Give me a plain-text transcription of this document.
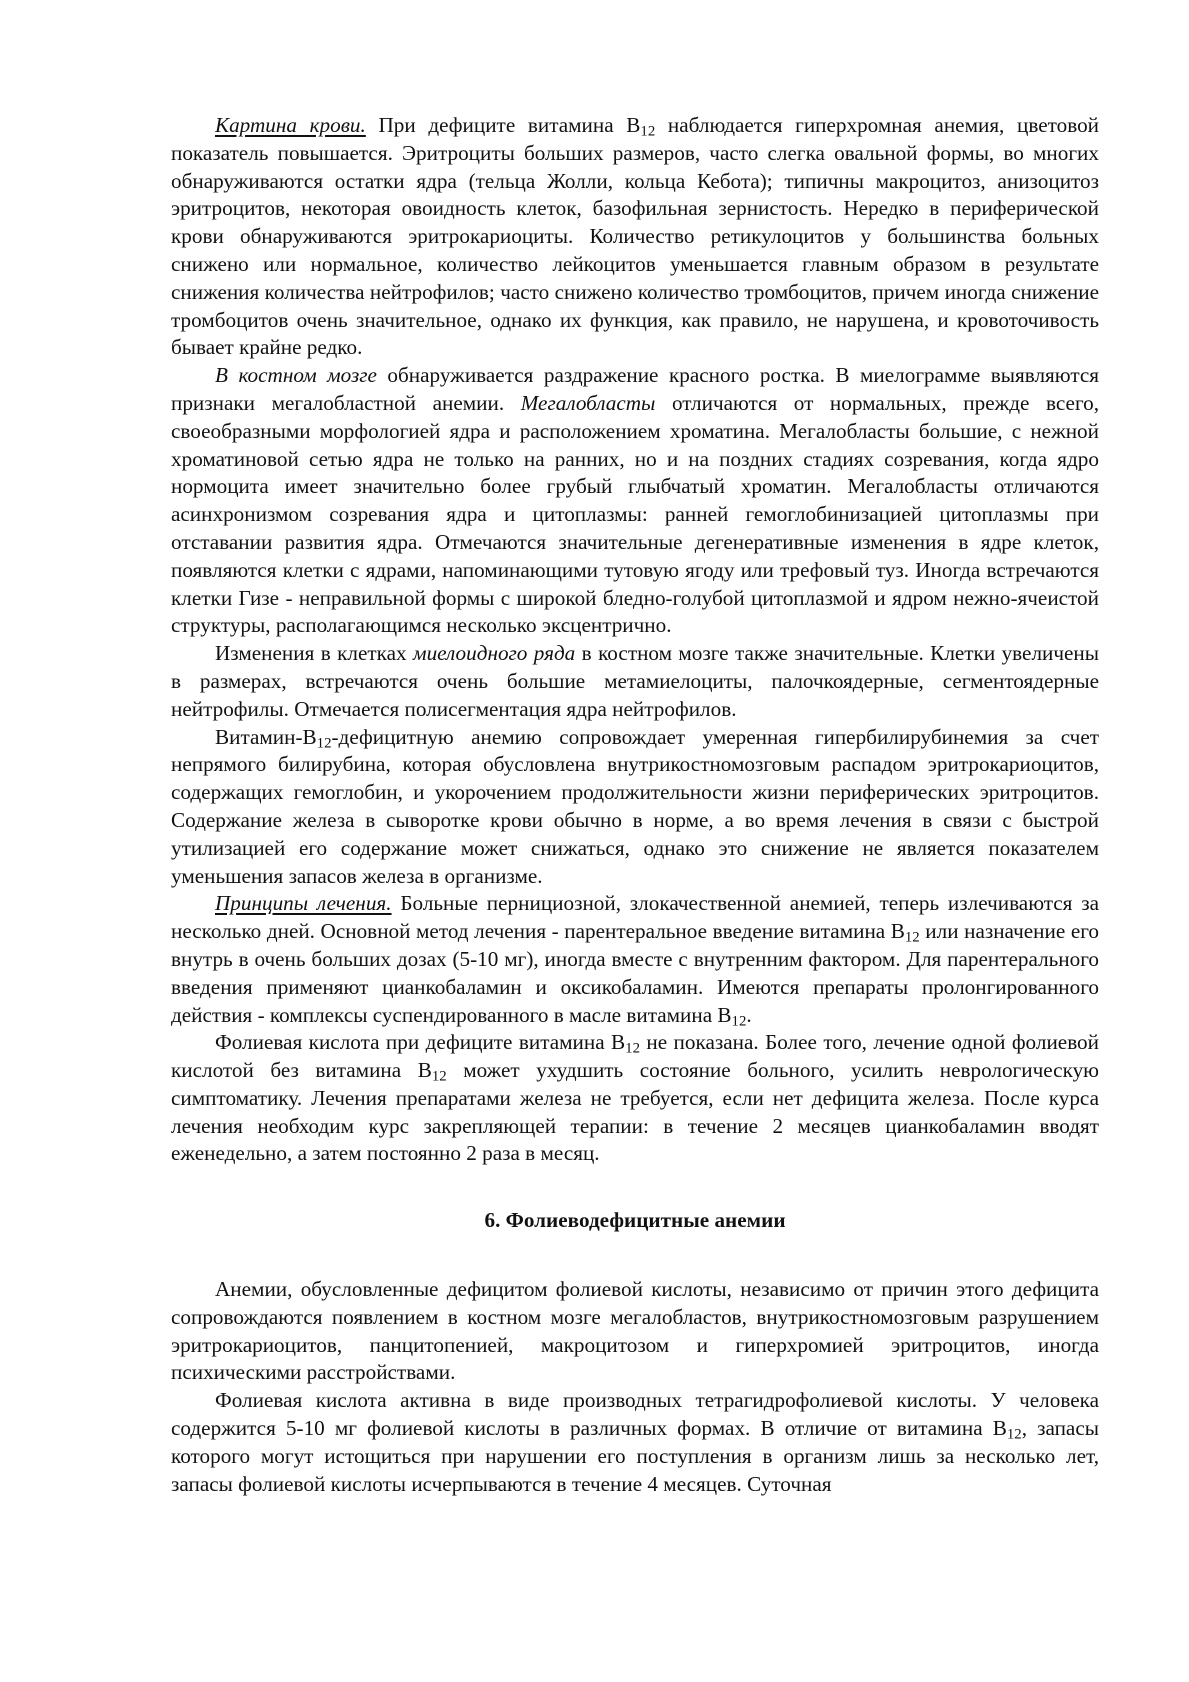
Картина крови. При дефиците витамина $В_{12}$ наблюдается гиперхромная анемия, цветовой показатель повышается. Эритроциты больших размеров, часто слегка овальной формы, во многих обнаруживаются остатки ядра (тельца Жолли, кольца Кебота); типичны макроцитоз, анизоцитоз эритроцитов, некоторая овоидность клеток, базофильная зернистость. Нередко в периферической крови обнаруживаются эритрокариоциты. Количество ретикулоцитов у большинства больных снижено или нормальное, количество лейкоцитов уменьшается главным образом в результате снижения количества нейтрофилов; часто снижено количество тромбоцитов, причем иногда снижение тромбоцитов очень значительное, однако их функция, как правило, не нарушена, и кровоточивость бывает крайне редко.

В костном мозге обнаруживается раздражение красного ростка. В миелограмме выявляются признаки мегалобластной анемии. Мегалобласты отличаются от нормальных, прежде всего, своеобразными морфологией ядра и расположением хроматина. Мегалобласты большие, с нежной хроматиновой сетью ядра не только на ранних, но и на поздних стадиях созревания, когда ядро нормоцита имеет значительно более грубый глыбчатый хроматин. Мегалобласты отличаются асинхронизмом созревания ядра и цитоплазмы: ранней гемоглобинизацией цитоплазмы при отставании развития ядра. Отмечаются значительные дегенеративные изменения в ядре клеток, появляются клетки с ядрами, напоминающими тутовую ягоду или трефовый туз. Иногда встречаются клетки Гизе - неправильной формы с широкой бледно-голубой цитоплазмой и ядром нежно-ячеистой структуры, располагающимся несколько эксцентрично.

Изменения в клетках миелоидного ряда в костном мозге также значительные. Клетки увеличены в размерах, встречаются очень большие метамиелоциты, палочкоядерные, сегментоядерные нейтрофилы. Отмечается полисегментация ядра нейтрофилов.

Витамин-$В_{12}$-дефицитную анемию сопровождает умеренная гипербилирубинемия за счет непрямого билирубина, которая обусловлена внутрикостномозговым распадом эритрокариоцитов, содержащих гемоглобин, и укорочением продолжительности жизни периферических эритроцитов. Содержание железа в сыворотке крови обычно в норме, а во время лечения в связи с быстрой утилизацией его содержание может снижаться, однако это снижение не является показателем уменьшения запасов железа в организме.

Принципы лечения. Больные пернициозной, злокачественной анемией, теперь излечиваются за несколько дней. Основной метод лечения - парентеральное введение витамина $В_{12}$ или назначение его внутрь в очень больших дозах (5-10 мг), иногда вместе с внутренним фактором. Для парентерального введения применяют цианкобаламин и оксикобаламин. Имеются препараты пролонгированного действия - комплексы суспендированного в масле витамина $В_{12}$.

Фолиевая кислота при дефиците витамина $В_{12}$ не показана. Более того, лечение одной фолиевой кислотой без витамина $В_{12}$ может ухудшить состояние больного, усилить неврологическую симптоматику. Лечения препаратами железа не требуется, если нет дефицита железа. После курса лечения необходим курс закрепляющей терапии: в течение 2 месяцев цианкобаламин вводят еженедельно, а затем постоянно 2 раза в месяц.

6. Фолиеводефицитные анемии

Анемии, обусловленные дефицитом фолиевой кислоты, независимо от причин этого дефицита сопровождаются появлением в костном мозге мегалобластов, внутрикостномозговым разрушением эритрокариоцитов, панцитопенией, макроцитозом и гиперхромией эритроцитов, иногда психическими расстройствами.

Фолиевая кислота активна в виде производных тетрагидрофолиевой кислоты. У человека содержится 5-10 мг фолиевой кислоты в различных формах. В отличие от витамина $В_{12}$, запасы которого могут истощиться при нарушении его поступления в организм лишь за несколько лет, запасы фолиевой кислоты исчерпываются в течение 4 месяцев. Суточная
